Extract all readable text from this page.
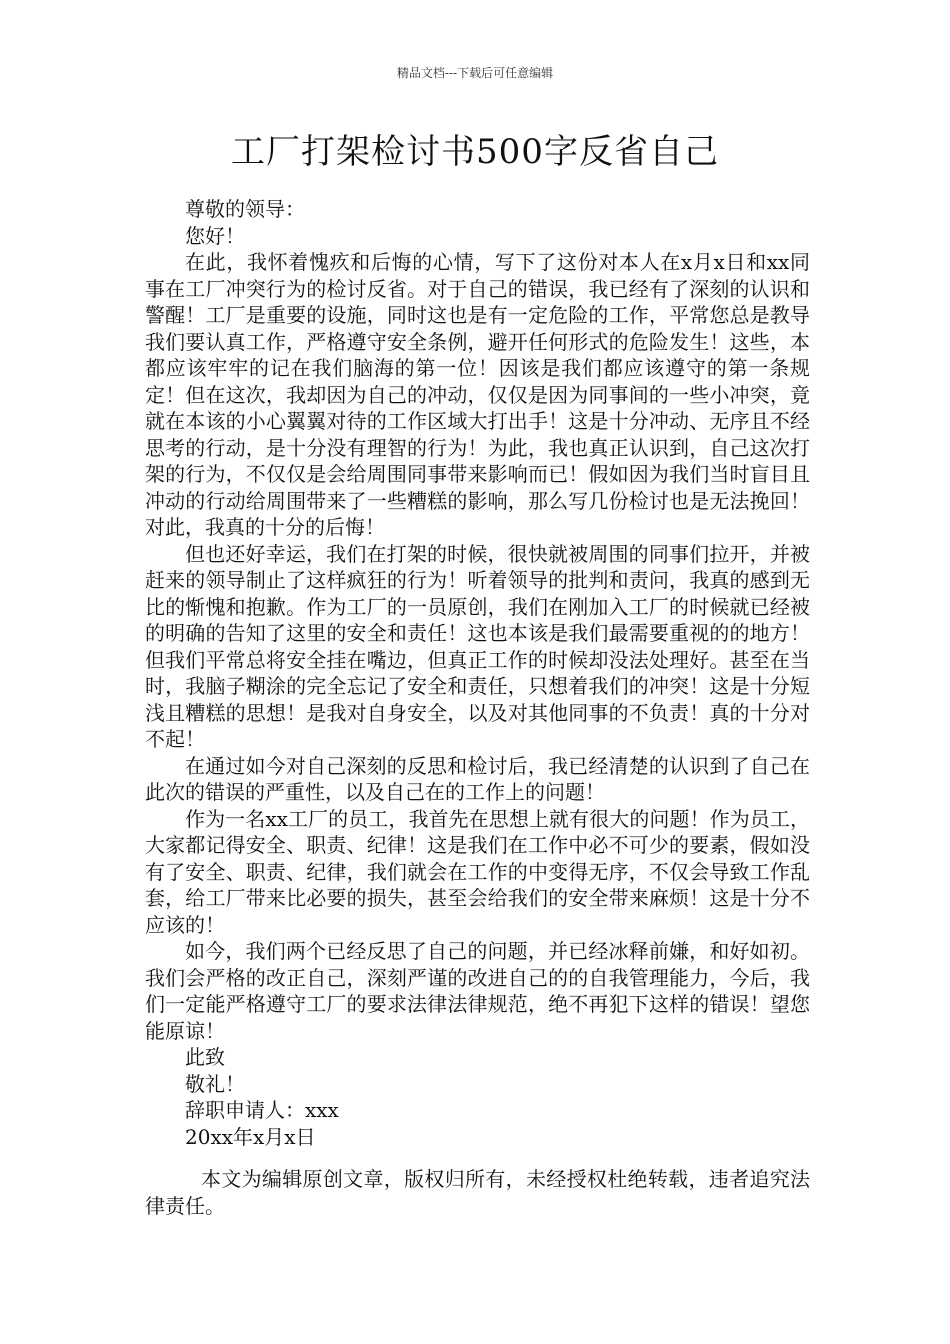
精品文档---下载后可任意编辑
工厂打架检讨书500字反省自己

尊敬的领导：

您好！

在此，我怀着愧疚和后悔的心情，写下了这份对本人在x月x日和xx同事在工厂冲突行为的检讨反省。对于自己的错误，我已经有了深刻的认识和警醒！工厂是重要的设施，同时这也是有一定危险的工作，平常您总是教导我们要认真工作，严格遵守安全条例，避开任何形式的危险发生！这些，本都应该牢牢的记在我们脑海的第一位！因该是我们都应该遵守的第一条规定！但在这次，我却因为自己的冲动，仅仅是因为同事间的一些小冲突，竟就在本该的小心翼翼对待的工作区域大打出手！这是十分冲动、无序且不经思考的行动，是十分没有理智的行为！为此，我也真正认识到，自己这次打架的行为，不仅仅是会给周围同事带来影响而已！假如因为我们当时盲目且冲动的行动给周围带来了一些糟糕的影响，那么写几份检讨也是无法挽回！对此，我真的十分的后悔！

但也还好幸运，我们在打架的时候，很快就被周围的同事们拉开，并被赶来的领导制止了这样疯狂的行为！听着领导的批判和责问，我真的感到无比的惭愧和抱歉。作为工厂的一员原创，我们在刚加入工厂的时候就已经被的明确的告知了这里的安全和责任！这也本该是我们最需要重视的的地方！但我们平常总将安全挂在嘴边，但真正工作的时候却没法处理好。甚至在当时，我脑子糊涂的完全忘记了安全和责任，只想着我们的冲突！这是十分短浅且糟糕的思想！是我对自身安全，以及对其他同事的不负责！真的十分对不起！

在通过如今对自己深刻的反思和检讨后，我已经清楚的认识到了自己在此次的错误的严重性，以及自己在的工作上的问题！

作为一名xx工厂的员工，我首先在思想上就有很大的问题！作为员工，大家都记得安全、职责、纪律！这是我们在工作中必不可少的要素，假如没有了安全、职责、纪律，我们就会在工作的中变得无序，不仅会导致工作乱套，给工厂带来比必要的损失，甚至会给我们的安全带来麻烦！这是十分不应该的！

如今，我们两个已经反思了自己的问题，并已经冰释前嫌，和好如初。我们会严格的改正自己，深刻严谨的改进自己的的自我管理能力，今后，我们一定能严格遵守工厂的要求法律法律规范，绝不再犯下这样的错误！望您能原谅！

此致

敬礼！

辞职申请人：xxx

20xx年x月x日

本文为编辑原创文章，版权归所有，未经授权杜绝转载，违者追究法律责任。
